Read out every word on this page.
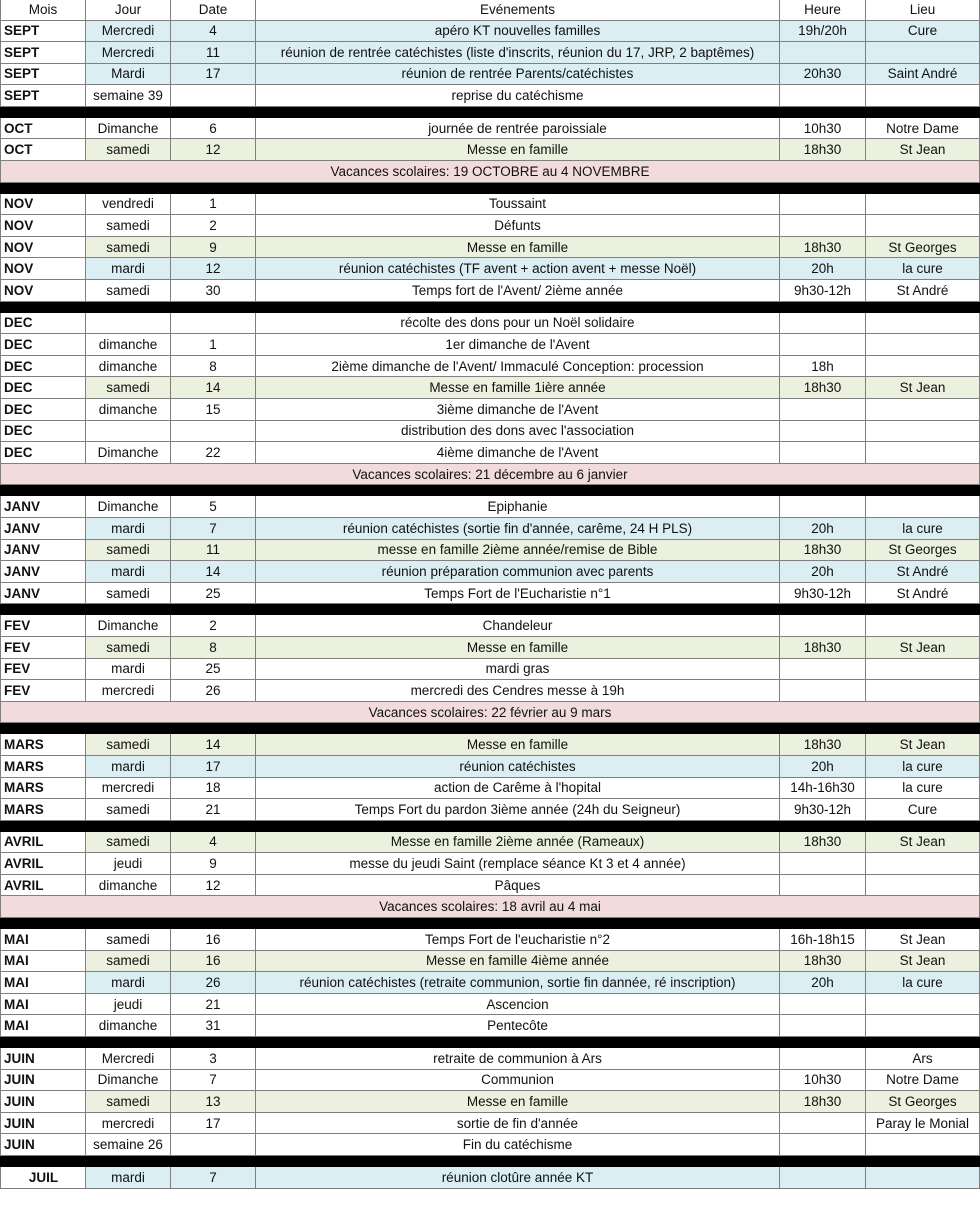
Mois	Jour	Date	Evénements	Heure	Lieu
SEPT	Mercredi	4	apéro KT nouvelles familles	19h/20h	Cure
SEPT	Mercredi	11	réunion de rentrée catéchistes (liste d'inscrits, réunion du 17, JRP, 2 baptêmes)		
SEPT	Mardi	17	réunion de rentrée Parents/catéchistes	20h30	Saint André
SEPT	semaine 39		reprise du catéchisme		

OCT	Dimanche	6	journée de rentrée paroissiale	10h30	Notre Dame
OCT	samedi	12	Messe en famille	18h30	St Jean
Vacances scolaires: 19 OCTOBRE au 4 NOVEMBRE					

NOV	vendredi	1	Toussaint		
NOV	samedi	2	Défunts		
NOV	samedi	9	Messe en famille	18h30	St Georges
NOV	mardi	12	réunion catéchistes (TF avent + action avent + messe Noël)	20h	la cure
NOV	samedi	30	Temps fort de l'Avent/ 2ième année	9h30-12h	St André

DEC			récolte des dons pour un Noël solidaire		
DEC	dimanche	1	1er dimanche de l'Avent		
DEC	dimanche	8	2ième dimanche de l'Avent/ Immaculé Conception: procession	18h	
DEC	samedi	14	Messe en famille 1ière année	18h30	St Jean
DEC	dimanche	15	3ième dimanche de l'Avent		
DEC			distribution des dons avec l'association		
DEC	Dimanche	22	4ième dimanche de l'Avent		
Vacances scolaires: 21 décembre au 6 janvier					

JANV	Dimanche	5	Epiphanie		
JANV	mardi	7	réunion catéchistes (sortie fin d'année, carême, 24 H PLS)	20h	la cure
JANV	samedi	11	messe en famille 2ième année/remise de Bible	18h30	St Georges
JANV	mardi	14	réunion préparation communion avec parents	20h	St André
JANV	samedi	25	Temps Fort de l'Eucharistie n°1	9h30-12h	St André

FEV	Dimanche	2	Chandeleur		
FEV	samedi	8	Messe en famille	18h30	St Jean
FEV	mardi	25	mardi gras		
FEV	mercredi	26	mercredi des Cendres messe à 19h		
Vacances scolaires: 22 février au 9 mars					

MARS	samedi	14	Messe en famille	18h30	St Jean
MARS	mardi	17	réunion catéchistes	20h	la cure
MARS	mercredi	18	action de Carême à l'hopital	14h-16h30	la cure
MARS	samedi	21	Temps Fort du pardon 3ième année (24h du Seigneur)	9h30-12h	Cure

AVRIL	samedi	4	Messe en famille 2ième année (Rameaux)	18h30	St Jean
AVRIL	jeudi	9	messe du jeudi Saint (remplace séance Kt 3 et 4 année)		
AVRIL	dimanche	12	Pâques		
Vacances scolaires: 18 avril au 4 mai					

MAI	samedi	16	Temps Fort de l'eucharistie n°2	16h-18h15	St Jean
MAI	samedi	16	Messe en famille 4ième année	18h30	St Jean
MAI	mardi	26	réunion catéchistes (retraite communion, sortie fin dannée, ré inscription)	20h	la cure
MAI	jeudi	21	Ascencion		
MAI	dimanche	31	Pentecôte		

JUIN	Mercredi	3	retraite de communion à Ars		Ars
JUIN	Dimanche	7	Communion	10h30	Notre Dame
JUIN	samedi	13	Messe en famille	18h30	St Georges
JUIN	mercredi	17	sortie de fin d'année		Paray le Monial
JUIN	semaine 26		Fin du catéchisme		

JUIL	mardi	7	réunion clotûre année KT		
